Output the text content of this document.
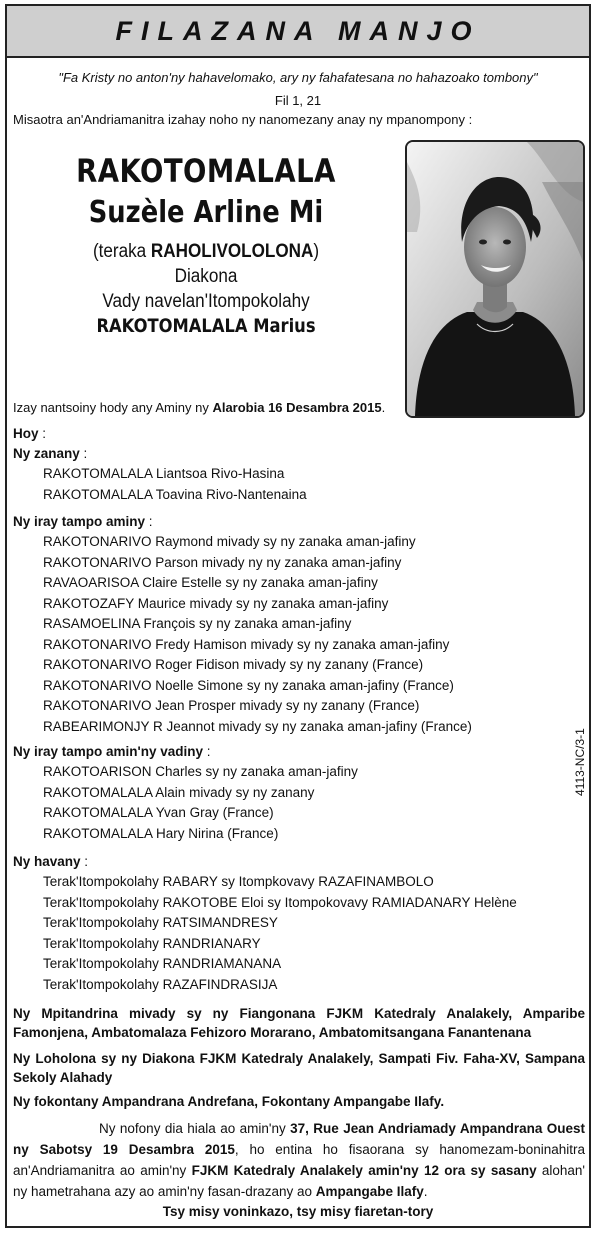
FILAZANA MANJO
"Fa Kristy no anton'ny hahavelomako, ary ny fahafatesana no hahazoako tombony"
Fil 1, 21
Misaotra an'Andriamanitra izahay noho ny nanomezany anay ny mpanompony :
RAKOTOMALALA
Suzèle Arline Mi
(teraka RAHOLIVOLOLONA)
Diakona
Vady navelan'Itompokolahy
RAKOTOMALALA Marius
Izay nantsoiny hody any Aminy ny Alarobia 16 Desambra 2015.
Hoy :
Ny zanany :
RAKOTOMALALA Liantsoa Rivo-Hasina
RAKOTOMALALA Toavina Rivo-Nantenaina
Ny iray tampo aminy :
RAKOTONARIVO Raymond mivady sy ny zanaka aman-jafiny
RAKOTONARIVO Parson mivady ny ny zanaka aman-jafiny
RAVAOARISOA Claire Estelle sy ny zanaka aman-jafiny
RAKOTOZAFY Maurice mivady sy ny zanaka aman-jafiny
RASAMOELINA François sy ny zanaka aman-jafiny
RAKOTONARIVO Fredy Hamison mivady sy ny zanaka aman-jafiny
RAKOTONARIVO Roger Fidison mivady sy ny zanany (France)
RAKOTONARIVO Noelle Simone sy ny zanaka aman-jafiny (France)
RAKOTONARIVO Jean Prosper mivady sy ny zanany (France)
RABEARIMONJY R Jeannot mivady sy ny zanaka aman-jafiny (France)
Ny iray tampo amin'ny vadiny :
RAKOTOARISON Charles sy ny zanaka aman-jafiny
RAKOTOMALALA Alain mivady sy ny zanany
RAKOTOMALALA Yvan Gray (France)
RAKOTOMALALA Hary Nirina (France)
Ny havany :
Terak'Itompokolahy RABARY sy Itompkovavy RAZAFINAMBOLO
Terak'Itompokolahy RAKOTOBE Eloi sy Itompokovavy RAMIADANARY Helène
Terak'Itompokolahy RATSIMANDRESY
Terak'Itompokolahy RANDRIANARY
Terak'Itompokolahy RANDRIAMANANA
Terak'Itompokolahy RAZAFINDRASIJA
4113-NC/3-1
Ny Mpitandrina mivady sy ny Fiangonana FJKM Katedraly Analakely, Amparibe Famonjena, Ambatomalaza Fehizoro Morarano, Ambatomitsangana Fanantenana
Ny Loholona sy ny Diakona FJKM Katedraly Analakely, Sampati Fiv. Faha-XV, Sampana Sekoly Alahady
Ny fokontany Ampandrana Andrefana, Fokontany Ampangabe Ilafy.
Ny nofony dia hiala ao amin'ny 37, Rue Jean Andriamady Ampandrana Ouest ny Sabotsy 19 Desambra 2015, ho entina ho fisaorana sy hanomezam-boninahitra an'Andriamanitra ao amin'ny FJKM Katedraly Analakely amin'ny 12 ora sy sasany alohan' ny hametrahana azy ao amin'ny fasan-drazany ao Ampangabe Ilafy.
Tsy misy voninkazo, tsy misy fiaretan-tory
